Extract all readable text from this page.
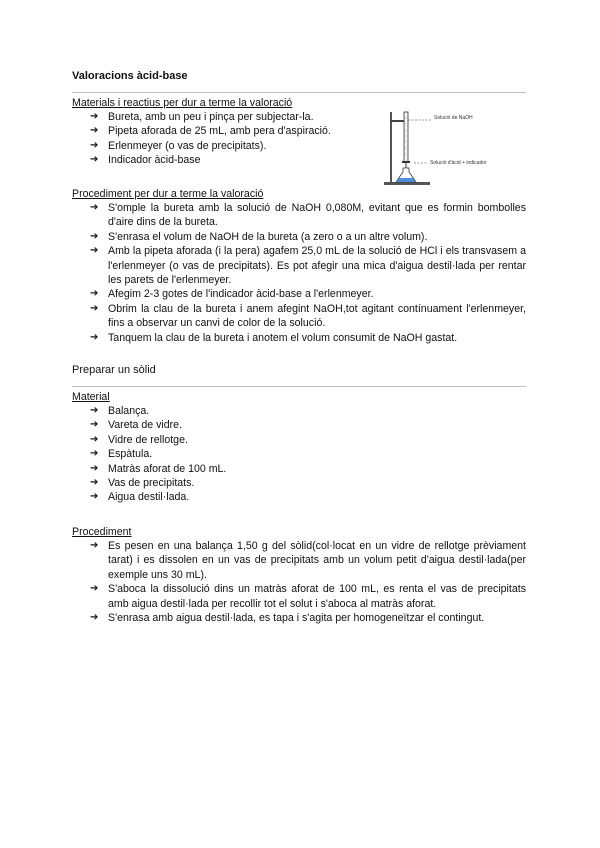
Valoracions àcid-base
Materials i reactius per dur a terme la valoració
➔ Bureta, amb un peu i pinça per subjectar-la.
➔ Pipeta aforada de 25 mL, amb pera d'aspiració.
➔ Erlenmeyer (o vas de precipitats).
➔ Indicador àcid-base
Solució de NaOH
Solució d'àcid + indicador
Procediment per dur a terme la valoració
➔ S'omple la bureta amb la solució de NaOH 0,080M, evitant que es formin bombolles d'aire dins de la bureta.
➔ S'enrasa el volum de NaOH de la bureta (a zero o a un altre volum).
➔ Amb la pipeta aforada (i la pera) agafem 25,0 mL de la solució de HCl i els transvasem a l'erlenmeyer (o vas de precipitats). Es pot afegir una mica d'aigua destil·lada per rentar les parets de l'erlenmeyer.
➔ Afegim 2-3 gotes de l'indicador àcid-base a l'erlenmeyer.
➔ Obrim la clau de la bureta i anem afegint NaOH,tot agitant contínuament l'erlenmeyer, fins a observar un canvi de color de la solució.
➔ Tanquem la clau de la bureta i anotem el volum consumit de NaOH gastat.
Preparar un sòlid
Material
➔ Balança.
➔ Vareta de vidre.
➔ Vidre de rellotge.
➔ Espàtula.
➔ Matràs aforat de 100 mL.
➔ Vas de precipitats.
➔ Aigua destil·lada.
Procediment
➔ Es pesen en una balança 1,50 g del sòlid(col·locat en un vidre de rellotge prèviament tarat) i es dissolen en un vas de precipitats amb un volum petit d'aigua destil·lada(per exemple uns 30 mL).
➔ S'aboca la dissolució dins un matràs aforat de 100 mL, es renta el vas de precipitats amb aigua destil·lada per recollir tot el solut i s'aboca al matràs aforat.
➔ S'enrasa amb aigua destil·lada, es tapa i s'agita per homogeneïtzar el contingut.
